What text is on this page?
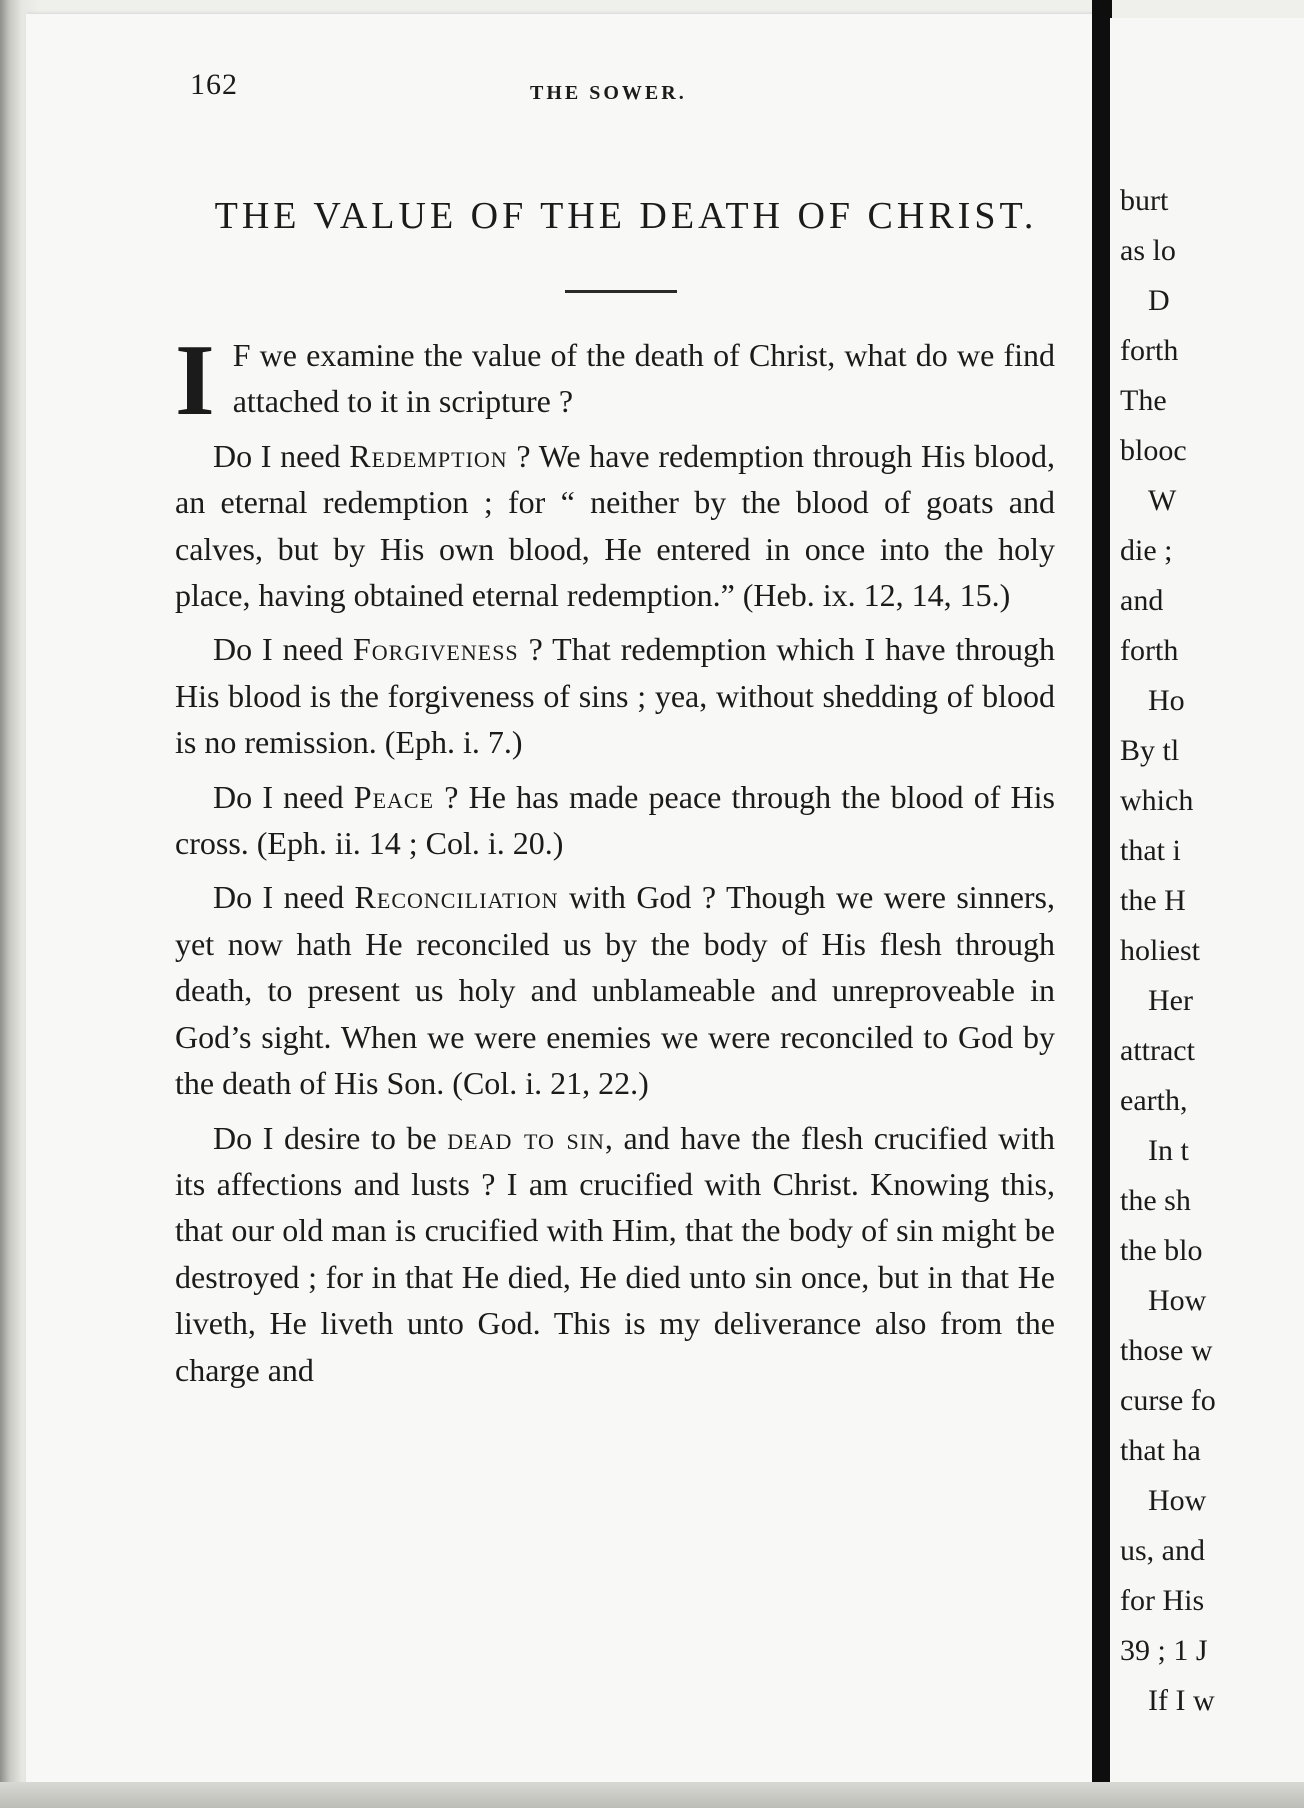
162	THE SOWER.
THE VALUE OF THE DEATH OF CHRIST.

I F we examine the value of the death of Christ, what do we find attached to it in scripture ?

Do I need Redemption ? We have redemption through His blood, an eternal redemption ; for “ neither by the blood of goats and calves, but by His own blood, He entered in once into the holy place, having obtained eternal redemption.” (Heb. ix. 12, 14, 15.)

Do I need Forgiveness ? That redemption which I have through His blood is the forgiveness of sins ; yea, without shedding of blood is no remission. (Eph. i. 7.)

Do I need Peace ? He has made peace through the blood of His cross. (Eph. ii. 14 ; Col. i. 20.)

Do I need Reconciliation with God ? Though we were sinners, yet now hath He reconciled us by the body of His flesh through death, to present us holy and unblameable and unreproveable in God’s sight. When we were enemies we were reconciled to God by the death of His Son. (Col. i. 21, 22.)

Do I desire to be dead to sin, and have the flesh crucified with its affections and lusts ? I am crucified with Christ. Knowing this, that our old man is crucified with Him, that the body of sin might be destroyed ; for in that He died, He died unto sin once, but in that He liveth, He liveth unto God. This is my deliverance also from the charge and

burt
as lo
D
forth
The
blooc
W
die ;
and
forth
Ho
By tl
which
that i
the H
holiest
Her
attract
earth,
In t
the sh
the blo
How
those w
curse fo
that ha
How
us, and
for His
39 ; 1 J
If I w
